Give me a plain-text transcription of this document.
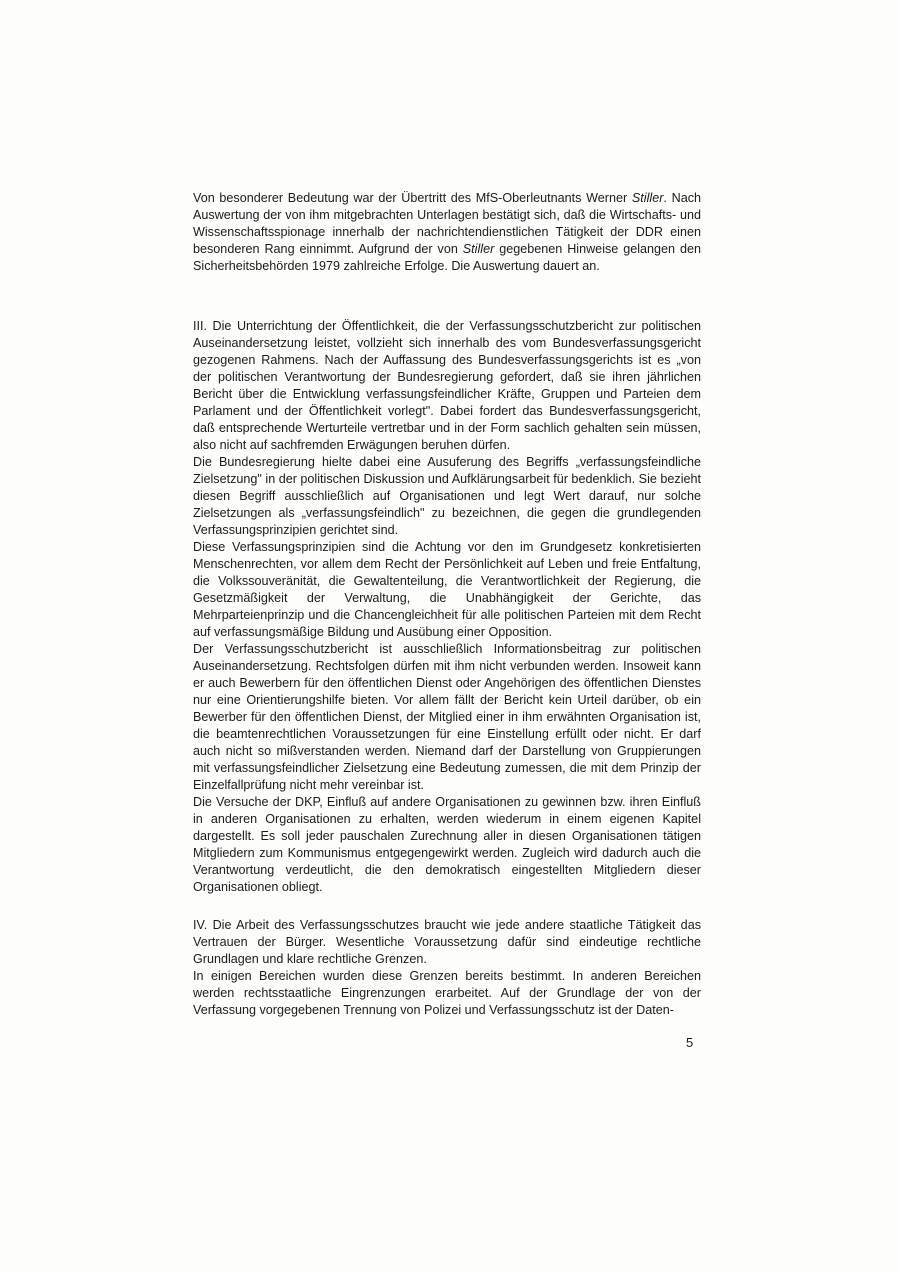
Von besonderer Bedeutung war der Übertritt des MfS-Oberleutnants Werner Stiller. Nach Auswertung der von ihm mitgebrachten Unterlagen bestätigt sich, daß die Wirtschafts- und Wissenschaftsspionage innerhalb der nachrichtendienstlichen Tätigkeit der DDR einen besonderen Rang einnimmt. Aufgrund der von Stiller gegebenen Hinweise gelangen den Sicherheitsbehörden 1979 zahlreiche Erfolge. Die Auswertung dauert an.

III. Die Unterrichtung der Öffentlichkeit, die der Verfassungsschutzbericht zur politischen Auseinandersetzung leistet, vollzieht sich innerhalb des vom Bundesverfassungsgericht gezogenen Rahmens. Nach der Auffassung des Bundesverfassungsgerichts ist es „von der politischen Verantwortung der Bundesregierung gefordert, daß sie ihren jährlichen Bericht über die Entwicklung verfassungsfeindlicher Kräfte, Gruppen und Parteien dem Parlament und der Öffentlichkeit vorlegt". Dabei fordert das Bundesverfassungsgericht, daß entsprechende Werturteile vertretbar und in der Form sachlich gehalten sein müssen, also nicht auf sachfremden Erwägungen beruhen dürfen.

Die Bundesregierung hielte dabei eine Ausuferung des Begriffs „verfassungsfeindliche Zielsetzung" in der politischen Diskussion und Aufklärungsarbeit für bedenklich. Sie bezieht diesen Begriff ausschließlich auf Organisationen und legt Wert darauf, nur solche Zielsetzungen als „verfassungsfeindlich" zu bezeichnen, die gegen die grundlegenden Verfassungsprinzipien gerichtet sind.

Diese Verfassungsprinzipien sind die Achtung vor den im Grundgesetz konkretisierten Menschenrechten, vor allem dem Recht der Persönlichkeit auf Leben und freie Entfaltung, die Volkssouveränität, die Gewaltenteilung, die Verantwortlichkeit der Regierung, die Gesetzmäßigkeit der Verwaltung, die Unabhängigkeit der Gerichte, das Mehrparteienprinzip und die Chancengleichheit für alle politischen Parteien mit dem Recht auf verfassungsmäßige Bildung und Ausübung einer Opposition.

Der Verfassungsschutzbericht ist ausschließlich Informationsbeitrag zur politischen Auseinandersetzung. Rechtsfolgen dürfen mit ihm nicht verbunden werden. Insoweit kann er auch Bewerbern für den öffentlichen Dienst oder Angehörigen des öffentlichen Dienstes nur eine Orientierungshilfe bieten. Vor allem fällt der Bericht kein Urteil darüber, ob ein Bewerber für den öffentlichen Dienst, der Mitglied einer in ihm erwähnten Organisation ist, die beamtenrechtlichen Voraussetzungen für eine Einstellung erfüllt oder nicht. Er darf auch nicht so mißverstanden werden. Niemand darf der Darstellung von Gruppierungen mit verfassungsfeindlicher Zielsetzung eine Bedeutung zumessen, die mit dem Prinzip der Einzelfallprüfung nicht mehr vereinbar ist.

Die Versuche der DKP, Einfluß auf andere Organisationen zu gewinnen bzw. ihren Einfluß in anderen Organisationen zu erhalten, werden wiederum in einem eigenen Kapitel dargestellt. Es soll jeder pauschalen Zurechnung aller in diesen Organisationen tätigen Mitgliedern zum Kommunismus entgegengewirkt werden. Zugleich wird dadurch auch die Verantwortung verdeutlicht, die den demokratisch eingestellten Mitgliedern dieser Organisationen obliegt.

IV. Die Arbeit des Verfassungsschutzes braucht wie jede andere staatliche Tätigkeit das Vertrauen der Bürger. Wesentliche Voraussetzung dafür sind eindeutige rechtliche Grundlagen und klare rechtliche Grenzen.

In einigen Bereichen wurden diese Grenzen bereits bestimmt. In anderen Bereichen werden rechtsstaatliche Eingrenzungen erarbeitet. Auf der Grundlage der von der Verfassung vorgegebenen Trennung von Polizei und Verfassungsschutz ist der Daten-

5
